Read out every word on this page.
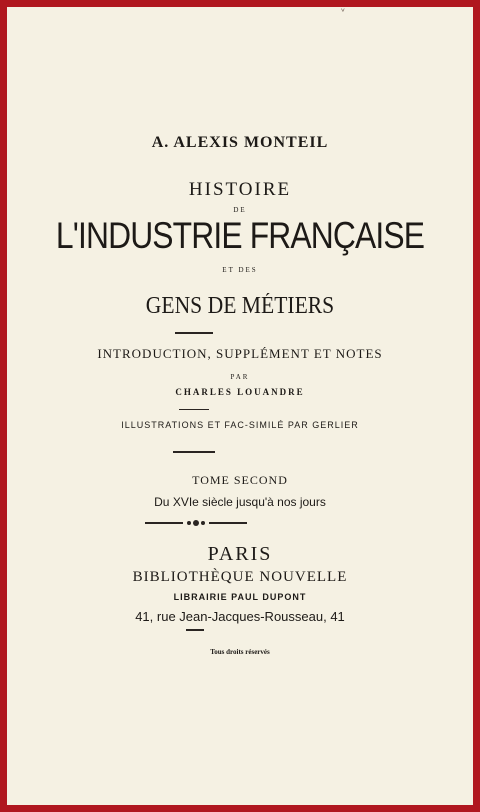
ᵛ
A. ALEXIS MONTEIL
HISTOIRE
DE
L'INDUSTRIE FRANÇAISE
ET DES
GENS DE MÉTIERS
INTRODUCTION, SUPPLÉMENT ET NOTES
PAR
CHARLES LOUANDRE
ILLUSTRATIONS ET FAC-SIMILÉ PAR GERLIER
TOME SECOND
Du XVIe siècle jusqu'à nos jours
PARIS
BIBLIOTHÈQUE NOUVELLE
LIBRAIRIE PAUL DUPONT
41, rue Jean-Jacques-Rousseau, 41
Tous droits réservés
